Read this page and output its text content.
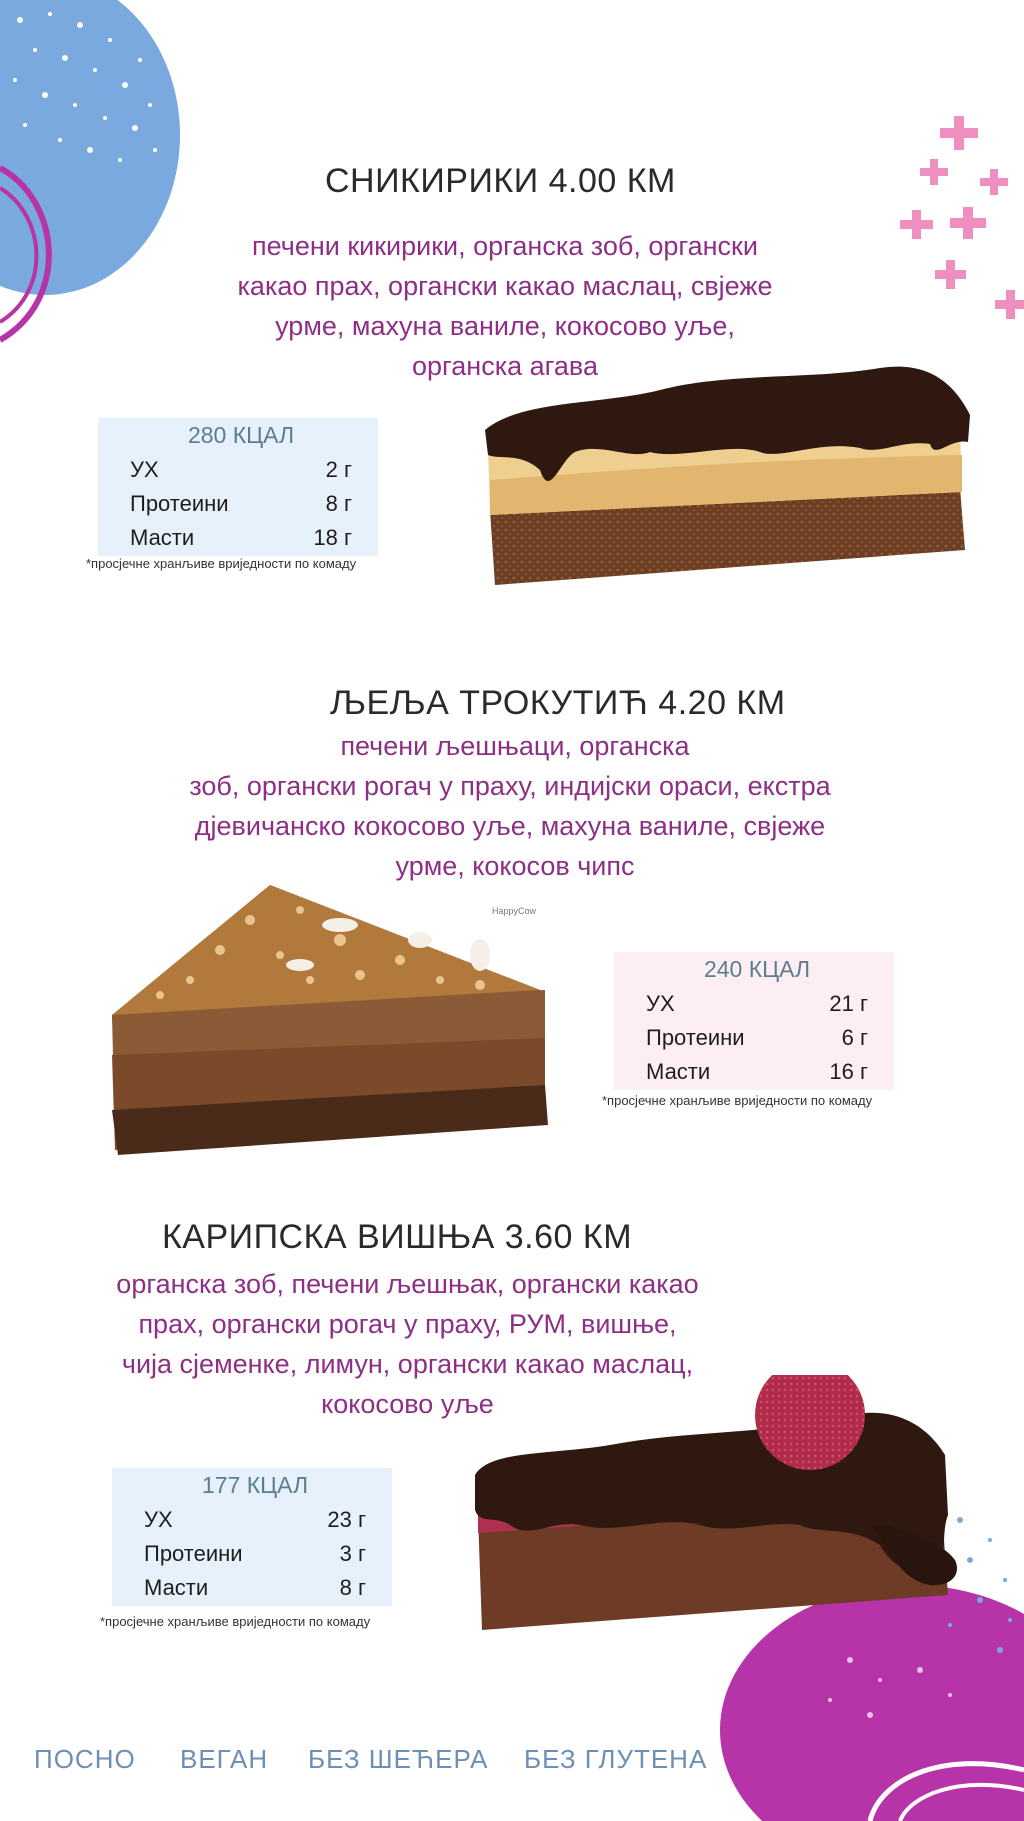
СНИКИРИКИ 4.00 КМ
печени кикирики, органска зоб, органски
какао прах, органски какао маслац, свјеже
урме, махуна ваниле, кокосово уље,
органска агава
280 КЦАЛ
УХ	2 г
Протеини	8 г
Масти	18 г
*просјечне хранљиве вриједности по комаду
ЉЕЉА ТРОКУТИЋ 4.20 КМ
печени љешњаци, органска
зоб, органски рогач у праху, индијски ораси, екстра
дјевичанско кокосово уље, махуна ваниле, свјеже
урме, кокосов чипс
HappyCow
240 КЦАЛ
УХ	21 г
Протеини	6 г
Масти	16 г
*просјечне хранљиве вриједности по комаду
КАРИПСКА ВИШЊА 3.60 КМ
органска зоб, печени љешњак, органски какао
прах, органски рогач у праху, РУМ, вишње,
чија сјеменке, лимун, органски какао маслац,
кокосово уље
177 КЦАЛ
УХ	23 г
Протеини	3 г
Масти	8 г
*просјечне хранљиве вриједности по комаду
ПОСНО ВЕГАН БЕЗ ШЕЋЕРА БЕЗ ГЛУТЕНА
